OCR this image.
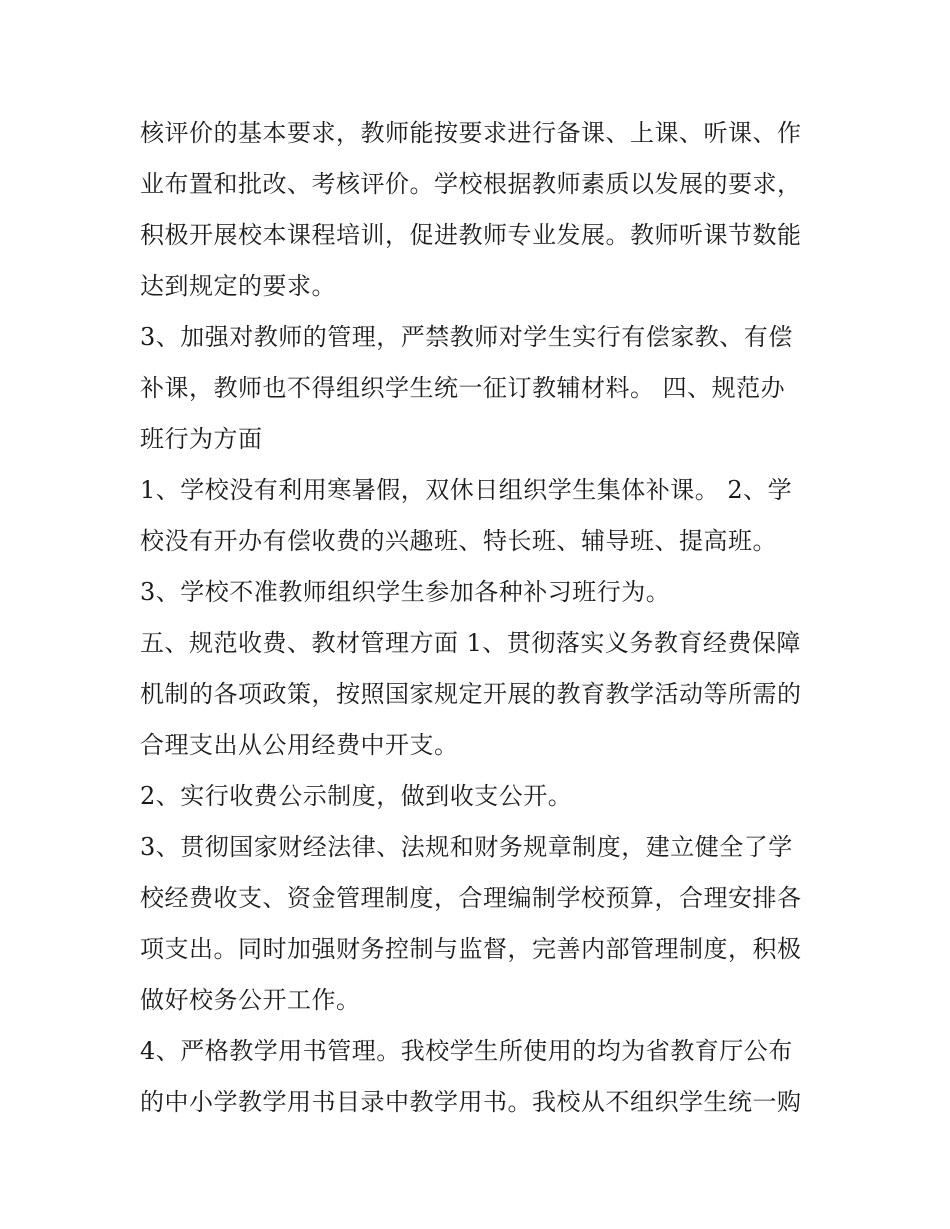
核评价的基本要求，教师能按要求进行备课、上课、听课、作
业布置和批改、考核评价。学校根据教师素质以发展的要求，
积极开展校本课程培训，促进教师专业发展。教师听课节数能
达到规定的要求。
3、加强对教师的管理，严禁教师对学生实行有偿家教、有偿
补课，教师也不得组织学生统一征订教辅材料。 四、规范办
班行为方面
1、学校没有利用寒暑假，双休日组织学生集体补课。 2、学
校没有开办有偿收费的兴趣班、特长班、辅导班、提高班。
3、学校不准教师组织学生参加各种补习班行为。
五、规范收费、教材管理方面 1、贯彻落实义务教育经费保障
机制的各项政策，按照国家规定开展的教育教学活动等所需的
合理支出从公用经费中开支。
2、实行收费公示制度，做到收支公开。
3、贯彻国家财经法律、法规和财务规章制度，建立健全了学
校经费收支、资金管理制度，合理编制学校预算，合理安排各
项支出。同时加强财务控制与监督，完善内部管理制度，积极
做好校务公开工作。
4、严格教学用书管理。我校学生所使用的均为省教育厅公布
的中小学教学用书目录中教学用书。我校从不组织学生统一购
